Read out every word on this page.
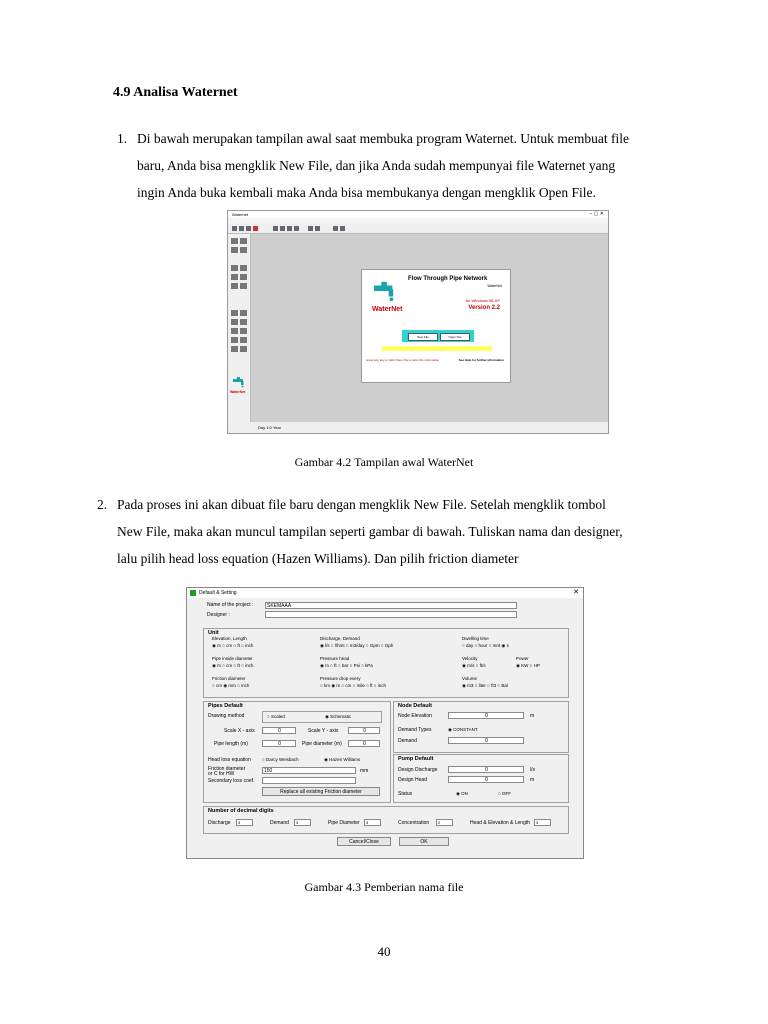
4.9 Analisa Waternet
1. Di bawah merupakan tampilan awal saat membuka program Waternet. Untuk membuat file
baru, Anda bisa mengklik New File, dan jika Anda sudah mempunyai file Waternet yang
ingin Anda buka kembali maka Anda bisa membukanya dengan mengklik Open File.
Waternet	– ▢ ✕
WaterNet
Flow Through Pipe Network
WaterNet
WaterNet
for Windows 98-XP
Version 2.2
New File	Open File
press any key or click Open File to skip this information	See Help for further information
Day 1:0 Year
Gambar 4.2 Tampilan awal WaterNet
2. Pada proses ini akan dibuat file baru dengan mengklik New File. Setelah mengklik tombol
New File, maka akan muncul tampilan seperti gambar di bawah. Tuliskan nama dan designer,
lalu pilih head loss equation (Hazen Williams). Dan pilih friction diameter
Default & Setting	✕
Name of the project :	SKEMAAA
Designer :
Unit
Elevation, Length
◉ m ○ cm ○ ft ○ inch
Discharge, Demand
◉ l/s ○ l/hmt ○ m3/day ○ Gpm ○ Gph
Dwelling time
○ day ○ hour ○ mnt ◉ s
Pipe inside diameter
◉ m ○ cm ○ ft ○ inch
Pressure head
◉ m ○ ft ○ bar ○ Psi ○ kPa
Velocity
◉ m/s ○ ft/s
Power
◉ KW ○ HP
Friction diameter
○ cm ◉ mm ○ inch
Pressure drop every
○ km ◉ m ○ cm ○ mile ○ ft ○ inch
Volume
◉ m3 ○ liter ○ ft3 ○ Bal
Pipes Default
Drawing method	○ Scaled	◉ Schematic
Scale X - axis	0	Scale Y - axis	0
Pipe length (m)	0	Pipe diameter (m)	0
Head loss equation ○ Darcy Weisbach	◉ Hazen Williams
Friction diameter
or C for HW	150	mm
Secondary loss coef.
Replace all existing Friction diameter
Node Default
Node Elevation	0	m
Demand Types	◉ CONSTANT
Demand	0
Pump Default
Design Discharge	0	l/s
Design Head	0	m
Status	◉ ON	○ OFF
Number of decimal digits
Discharge	3	Demand	3	Pipe Diameter	3	Concentration	2	Head & Elevation & Length	3
Cancel/Close	OK
Gambar 4.3 Pemberian nama file
40
